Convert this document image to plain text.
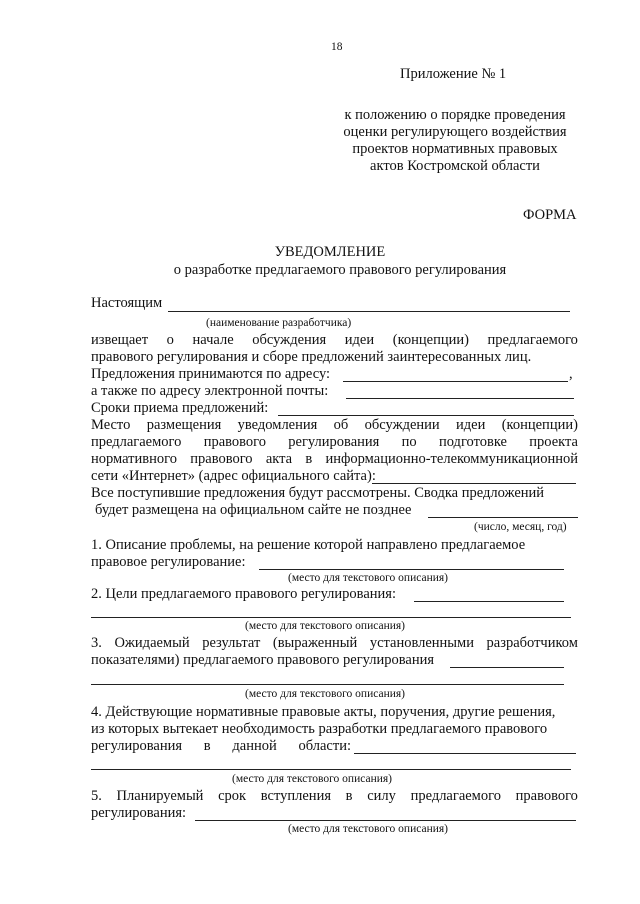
18
Приложение № 1
к положению о порядке проведения
оценки регулирующего воздействия
проектов нормативных правовых
актов Костромской области
ФОРМА
УВЕДОМЛЕНИЕ
о разработке предлагаемого правового регулирования
Настоящим
(наименование разработчика)
извещает о начале обсуждения идеи (концепции) предлагаемого
правового регулирования и сборе предложений заинтересованных лиц.
Предложения принимаются по адресу:	,
а также по адресу электронной почты:
Сроки приема предложений:
Место размещения уведомления об обсуждении идеи (концепции)
предлагаемого правового регулирования по подготовке проекта
нормативного правового акта в информационно-телекоммуникационной
сети «Интернет» (адрес официального сайта):
Все поступившие предложения будут рассмотрены. Сводка предложений
будет размещена на официальном сайте не позднее
(число, месяц, год)
1. Описание проблемы, на решение которой направлено предлагаемое
правовое регулирование:
(место для текстового описания)
2. Цели предлагаемого правового регулирования:
(место для текстового описания)
3. Ожидаемый результат (выраженный установленными разработчиком
показателями) предлагаемого правового регулирования
(место для текстового описания)
4. Действующие нормативные правовые акты, поручения, другие решения,
из которых вытекает необходимость разработки предлагаемого правового
регулирования в данной области:
(место для текстового описания)
5. Планируемый срок вступления в силу предлагаемого правового
регулирования:
(место для текстового описания)
